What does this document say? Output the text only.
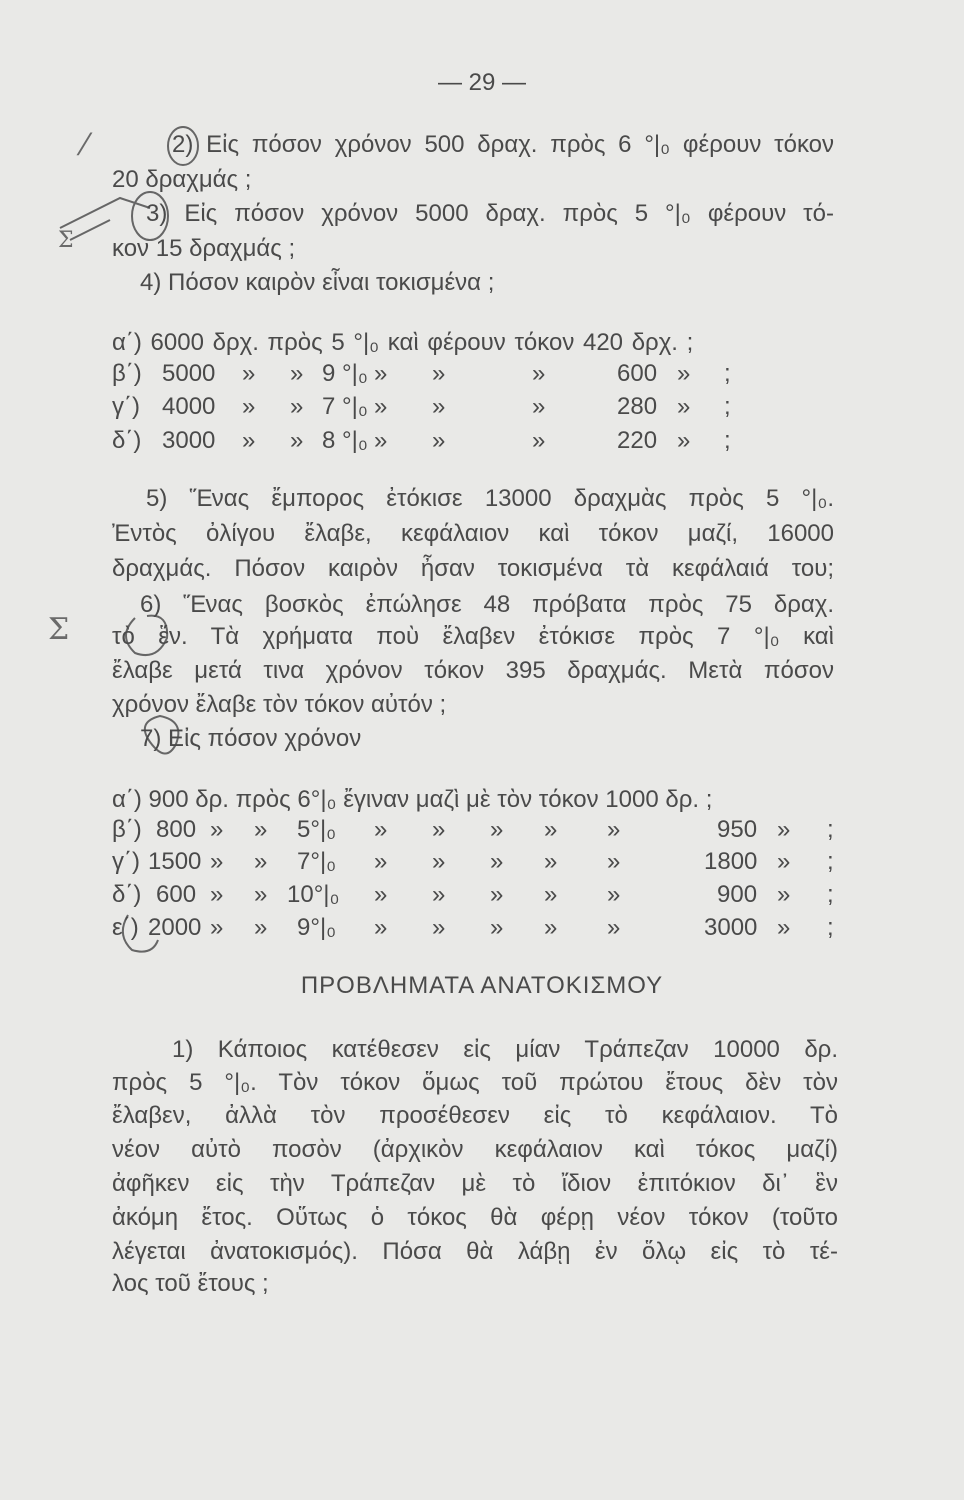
⁄
Σ
Σ
— 29 —
2) Εἰς πόσον χρόνον 500 δραχ. πρὸς 6 °|₀ φέρουν τόκον
20 δραχμάς ;
3) Εἰς πόσον χρόνον 5000 δραχ. πρὸς 5 °|₀ φέρουν τό-
κον 15 δραχμάς ;
4) Πόσον καιρὸν εἶναι τοκισμένα ;
α΄) 6000 δρχ. πρὸς 5 °|₀ καὶ φέρουν τόκον 420 δρχ. ;
β΄) 5000 » » 9 °|₀ » »	»	600 » ;
γ΄) 4000 » » 7 °|₀ » »	»	280 » ;
δ΄) 3000 » » 8 °|₀ » »	»	220 » ;
5) Ἕνας ἔμπορος ἐτόκισε 13000 δραχμὰς πρὸς 5 °|₀.
Ἐντὸς ὀλίγου ἔλαβε, κεφάλαιον καὶ τόκον μαζί, 16000
δραχμάς. Πόσον καιρὸν ἦσαν τοκισμένα τὰ κεφάλαιά του;
6) Ἕνας βοσκὸς ἐπώλησε 48 πρόβατα πρὸς 75 δραχ.
τὸ ἕν. Τὰ χρήματα ποὺ ἔλαβεν ἐτόκισε πρὸς 7 °|₀ καὶ
ἔλαβε μετά τινα χρόνον τόκον 395 δραχμάς. Μετὰ πόσον
χρόνον ἔλαβε τὸν τόκον αὐτόν ;
7) Εἰς πόσον χρόνον
α΄) 900 δρ. πρὸς 6°|₀ ἔγιναν μαζὶ μὲ τὸν τόκον 1000 δρ. ;
β΄) 800 » » 5°|₀ » » » » »	950 » ;
γ΄) 1500 » » 7°|₀ » » » » »	1800 » ;
δ΄) 600 » » 10°|₀ » » » » »	900 » ;
ε΄) 2000 » » 9°|₀ » » » » »	3000 » ;
ΠΡΟΒΛΗΜΑΤΑ ΑΝΑΤΟΚΙΣΜΟΥ
1) Κάποιος κατέθεσεν εἰς μίαν Τράπεζαν 10000 δρ.
πρὸς 5 °|₀. Τὸν τόκον ὅμως τοῦ πρώτου ἔτους δὲν τὸν
ἔλαβεν, ἀλλὰ τὸν προσέθεσεν εἰς τὸ κεφάλαιον. Τὸ
νέον αὐτὸ ποσὸν (ἀρχικὸν κεφάλαιον καὶ τόκος μαζί)
ἀφῆκεν εἰς τὴν Τράπεζαν μὲ τὸ ἴδιον ἐπιτόκιον δι᾽ ἓν
ἀκόμη ἔτος. Οὕτως ὁ τόκος θὰ φέρῃ νέον τόκον (τοῦτο
λέγεται ἀνατοκισμός). Πόσα θὰ λάβῃ ἐν ὅλῳ εἰς τὸ τέ-
λος τοῦ ἔτους ;
